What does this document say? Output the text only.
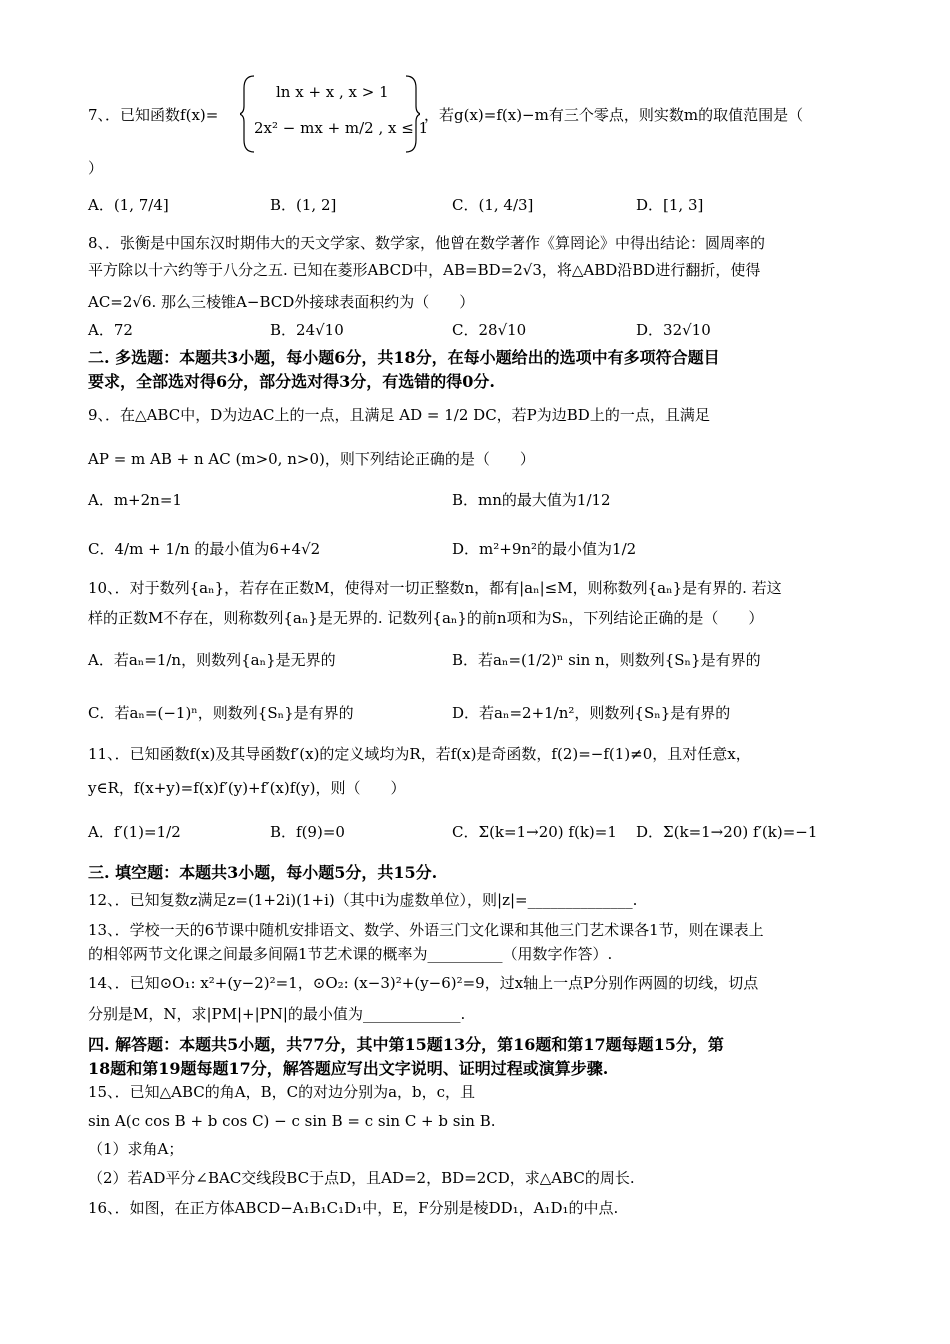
7、．已知函数f(x)=
ln x + x , x > 1
2x² − mx + m/2 , x ≤ 1
，若g(x)=f(x)−m有三个零点，则实数m的取值范围是（
）
A．(1, 7/4]	B．(1, 2]	C．(1, 4/3]	D．[1, 3]
8、．张衡是中国东汉时期伟大的天文学家、数学家，他曾在数学著作《算罔论》中得出结论：圆周率的
平方除以十六约等于八分之五. 已知在菱形ABCD中，AB=BD=2√3，将△ABD沿BD进行翻折，使得
AC=2√6. 那么三棱锥A−BCD外接球表面积约为（　　）
A．72	B．24√10	C．28√10	D．32√10
二. 多选题：本题共3小题，每小题6分，共18分，在每小题给出的选项中有多项符合题目
要求，全部选对得6分，部分选对得3分，有选错的得0分.
9、．在△ABC中，D为边AC上的一点，且满足 AD = 1/2 DC，若P为边BD上的一点，且满足
AP = m AB + n AC (m>0, n>0)，则下列结论正确的是（　　）
A．m+2n=1	B．mn的最大值为1/12
C．4/m + 1/n 的最小值为6+4√2	D．m²+9n²的最小值为1/2
10、．对于数列{aₙ}，若存在正数M，使得对一切正整数n，都有|aₙ|≤M，则称数列{aₙ}是有界的. 若这
样的正数M不存在，则称数列{aₙ}是无界的. 记数列{aₙ}的前n项和为Sₙ，下列结论正确的是（　　）
A．若aₙ=1/n，则数列{aₙ}是无界的	B．若aₙ=(1/2)ⁿ sin n，则数列{Sₙ}是有界的
C．若aₙ=(−1)ⁿ，则数列{Sₙ}是有界的	D．若aₙ=2+1/n²，则数列{Sₙ}是有界的
11、．已知函数f(x)及其导函数f′(x)的定义域均为R，若f(x)是奇函数，f(2)=−f(1)≠0，且对任意x，
y∈R，f(x+y)=f(x)f′(y)+f′(x)f(y)，则（　　）
A．f′(1)=1/2	B．f(9)=0	C．Σ(k=1→20) f(k)=1 D．Σ(k=1→20) f′(k)=−1
三. 填空题：本题共3小题，每小题5分，共15分.
12、．已知复数z满足z=(1+2i)(1+i)（其中i为虚数单位），则|z|=______________.
13、．学校一天的6节课中随机安排语文、数学、外语三门文化课和其他三门艺术课各1节，则在课表上
的相邻两节文化课之间最多间隔1节艺术课的概率为__________（用数字作答）.
14、．已知⊙O₁: x²+(y−2)²=1，⊙O₂: (x−3)²+(y−6)²=9，过x轴上一点P分别作两圆的切线，切点
分别是M，N，求|PM|+|PN|的最小值为_____________.
四. 解答题：本题共5小题，共77分，其中第15题13分，第16题和第17题每题15分，第
18题和第19题每题17分，解答题应写出文字说明、证明过程或演算步骤.
15、．已知△ABC的角A，B，C的对边分别为a，b，c，且
sin A(c cos B + b cos C) − c sin B = c sin C + b sin B.
（1）求角A；
（2）若AD平分∠BAC交线段BC于点D，且AD=2，BD=2CD，求△ABC的周长.
16、．如图，在正方体ABCD−A₁B₁C₁D₁中，E，F分别是棱DD₁，A₁D₁的中点.
